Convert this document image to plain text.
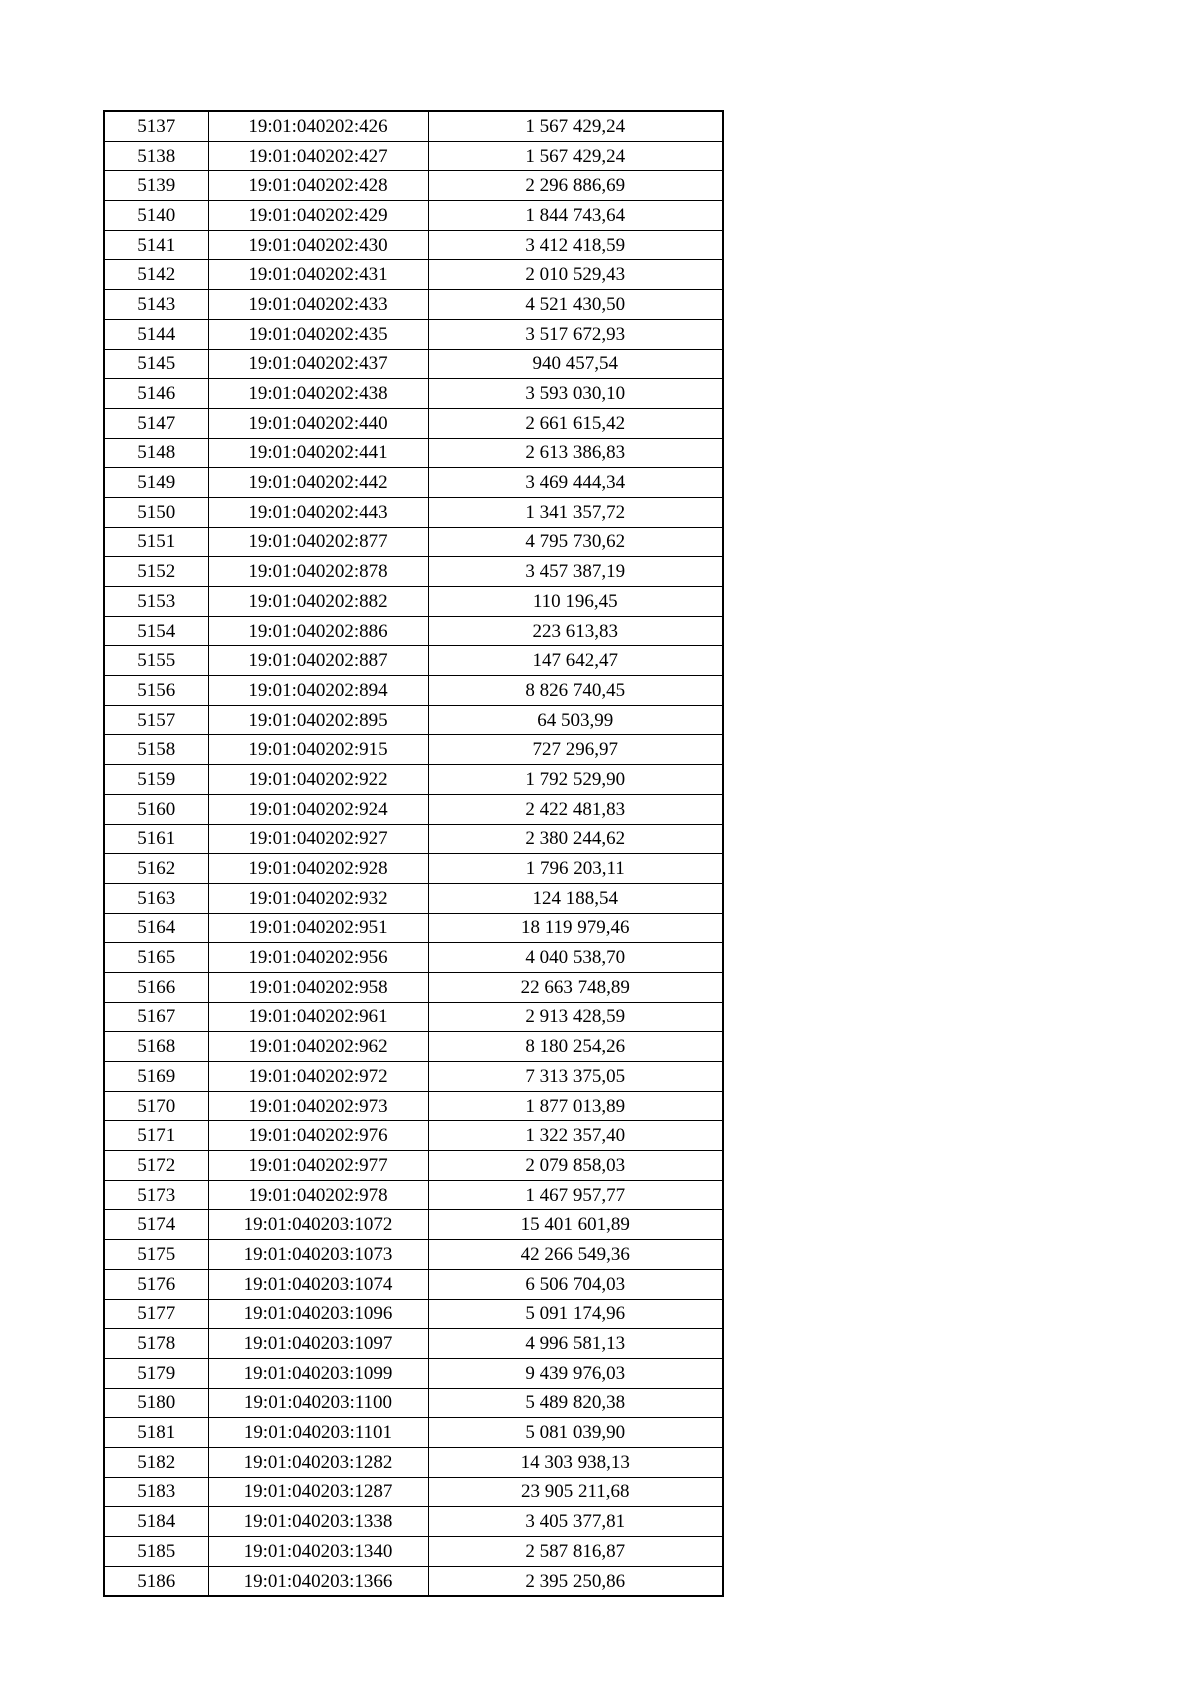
5137	19:01:040202:426	1 567 429,24
5138	19:01:040202:427	1 567 429,24
5139	19:01:040202:428	2 296 886,69
5140	19:01:040202:429	1 844 743,64
5141	19:01:040202:430	3 412 418,59
5142	19:01:040202:431	2 010 529,43
5143	19:01:040202:433	4 521 430,50
5144	19:01:040202:435	3 517 672,93
5145	19:01:040202:437	940 457,54
5146	19:01:040202:438	3 593 030,10
5147	19:01:040202:440	2 661 615,42
5148	19:01:040202:441	2 613 386,83
5149	19:01:040202:442	3 469 444,34
5150	19:01:040202:443	1 341 357,72
5151	19:01:040202:877	4 795 730,62
5152	19:01:040202:878	3 457 387,19
5153	19:01:040202:882	110 196,45
5154	19:01:040202:886	223 613,83
5155	19:01:040202:887	147 642,47
5156	19:01:040202:894	8 826 740,45
5157	19:01:040202:895	64 503,99
5158	19:01:040202:915	727 296,97
5159	19:01:040202:922	1 792 529,90
5160	19:01:040202:924	2 422 481,83
5161	19:01:040202:927	2 380 244,62
5162	19:01:040202:928	1 796 203,11
5163	19:01:040202:932	124 188,54
5164	19:01:040202:951	18 119 979,46
5165	19:01:040202:956	4 040 538,70
5166	19:01:040202:958	22 663 748,89
5167	19:01:040202:961	2 913 428,59
5168	19:01:040202:962	8 180 254,26
5169	19:01:040202:972	7 313 375,05
5170	19:01:040202:973	1 877 013,89
5171	19:01:040202:976	1 322 357,40
5172	19:01:040202:977	2 079 858,03
5173	19:01:040202:978	1 467 957,77
5174	19:01:040203:1072	15 401 601,89
5175	19:01:040203:1073	42 266 549,36
5176	19:01:040203:1074	6 506 704,03
5177	19:01:040203:1096	5 091 174,96
5178	19:01:040203:1097	4 996 581,13
5179	19:01:040203:1099	9 439 976,03
5180	19:01:040203:1100	5 489 820,38
5181	19:01:040203:1101	5 081 039,90
5182	19:01:040203:1282	14 303 938,13
5183	19:01:040203:1287	23 905 211,68
5184	19:01:040203:1338	3 405 377,81
5185	19:01:040203:1340	2 587 816,87
5186	19:01:040203:1366	2 395 250,86
